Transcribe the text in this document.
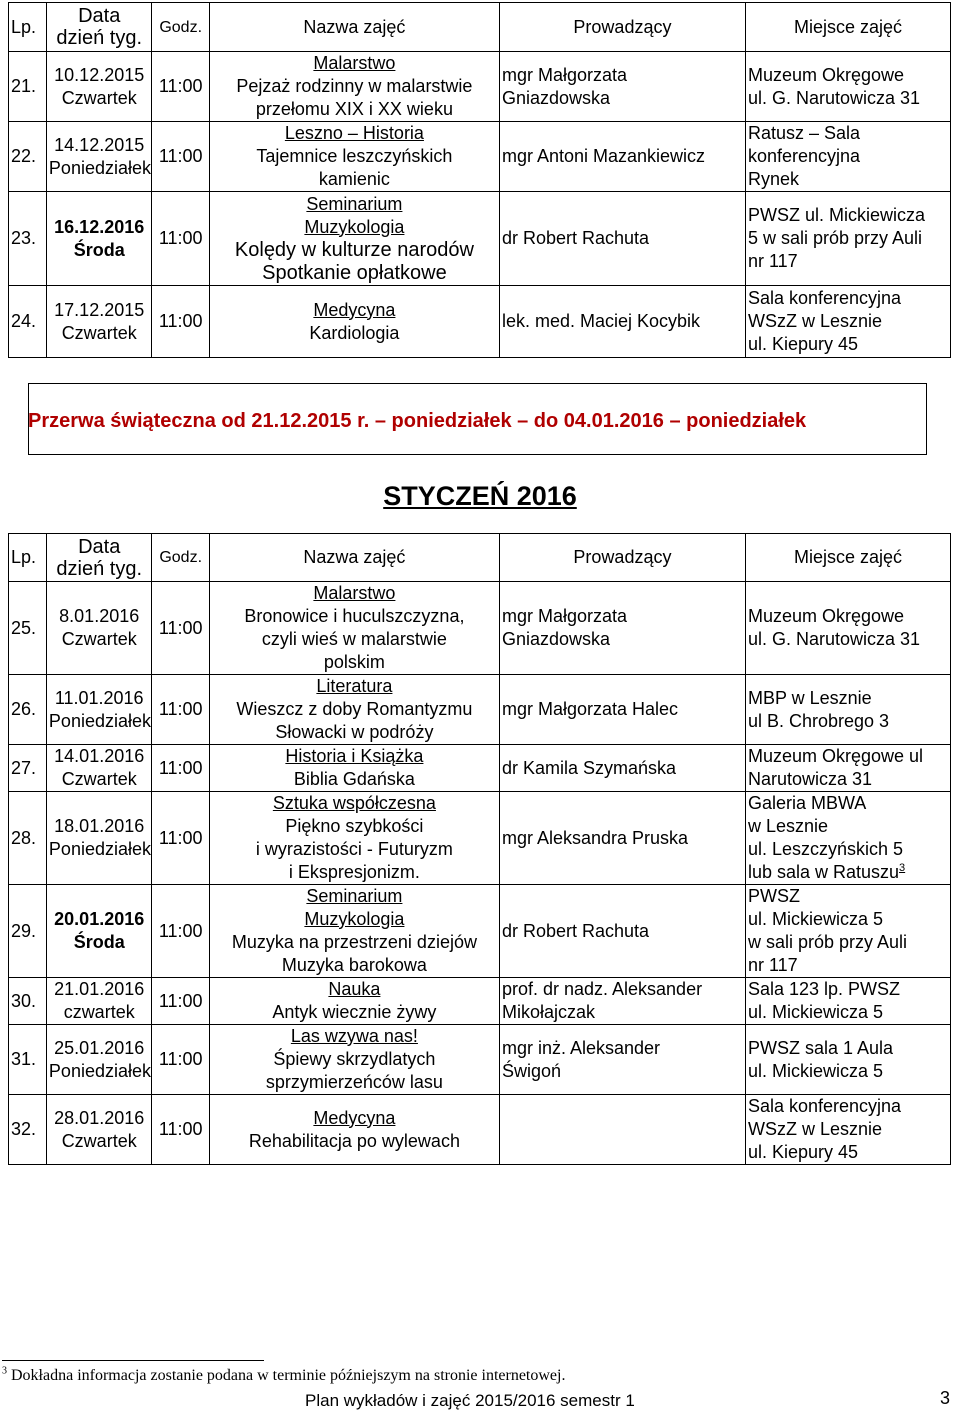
Lp.	Data
dzień tyg.	Godz.	Nazwa zajęć	Prowadzący	Miejsce zajęć
21.	10.12.2015
Czwartek	11:00	Malarstwo
Pejzaż rodzinny w malarstwie
przełomu XIX i XX wieku	mgr Małgorzata
Gniazdowska	Muzeum Okręgowe
ul. G. Narutowicza 31

22.	14.12.2015
Poniedziałek	11:00	Leszno – Historia
Tajemnice leszczyńskich
kamienic	mgr Antoni Mazankiewicz	Ratusz – Sala
konferencyjna
Rynek

23.	16.12.2016
Środa	11:00	Seminarium
Muzykologia
Kolędy w kulturze narodów
Spotkanie opłatkowe	dr Robert Rachuta	PWSZ ul. Mickiewicza
5 w sali prób przy Auli
nr 117

24.	17.12.2015
Czwartek	11:00	Medycyna
Kardiologia	lek. med. Maciej Kocybik	Sala konferencyjna
WSzZ w Lesznie
ul. Kiepury 45
Przerwa świąteczna od 21.12.2015 r. – poniedziałek – do 04.01.2016 – poniedziałek
STYCZEŃ 2016
Lp.	Data
dzień tyg.	Godz.	Nazwa zajęć	Prowadzący	Miejsce zajęć
25.	8.01.2016
Czwartek	11:00	Malarstwo
Bronowice i huculszczyzna,
czyli wieś w malarstwie
polskim	mgr Małgorzata
Gniazdowska	Muzeum Okręgowe
ul. G. Narutowicza 31

26.	11.01.2016
Poniedziałek	11:00	Literatura
Wieszcz z doby Romantyzmu
Słowacki w podróży	mgr Małgorzata Halec	MBP w Lesznie
ul B. Chrobrego 3

27.	14.01.2016
Czwartek	11:00	Historia i Książka
Biblia Gdańska	dr Kamila Szymańska	Muzeum Okręgowe ul
Narutowicza 31

28.	18.01.2016
Poniedziałek	11:00	Sztuka współczesna
Piękno szybkości
i wyrazistości - Futuryzm
i Ekspresjonizm.	mgr Aleksandra Pruska	Galeria MBWA
w Lesznie
ul. Leszczyńskich 5
lub sala w Ratuszu$^3$

29.	20.01.2016
Środa	11:00	Seminarium
Muzykologia
Muzyka na przestrzeni dziejów
Muzyka barokowa	dr Robert Rachuta	PWSZ
ul. Mickiewicza 5
w sali prób przy Auli
nr 117

30.	21.01.2016
czwartek	11:00	Nauka
Antyk wiecznie żywy	prof. dr nadz. Aleksander
Mikołajczak	Sala 123 lp. PWSZ
ul. Mickiewicza 5

31.	25.01.2016
Poniedziałek	11:00	Las wzywa nas!
Śpiewy skrzydlatych
sprzymierzeńców lasu	mgr inż. Aleksander
Świgoń	PWSZ sala 1 Aula
ul. Mickiewicza 5

32.	28.01.2016
Czwartek	11:00	Medycyna
Rehabilitacja po wylewach		Sala konferencyjna
WSzZ w Lesznie
ul. Kiepury 45
$^3$ Dokładna informacja zostanie podana w terminie późniejszym na stronie internetowej.
Plan wykładów i zajęć 2015/2016 semestr 1	3
